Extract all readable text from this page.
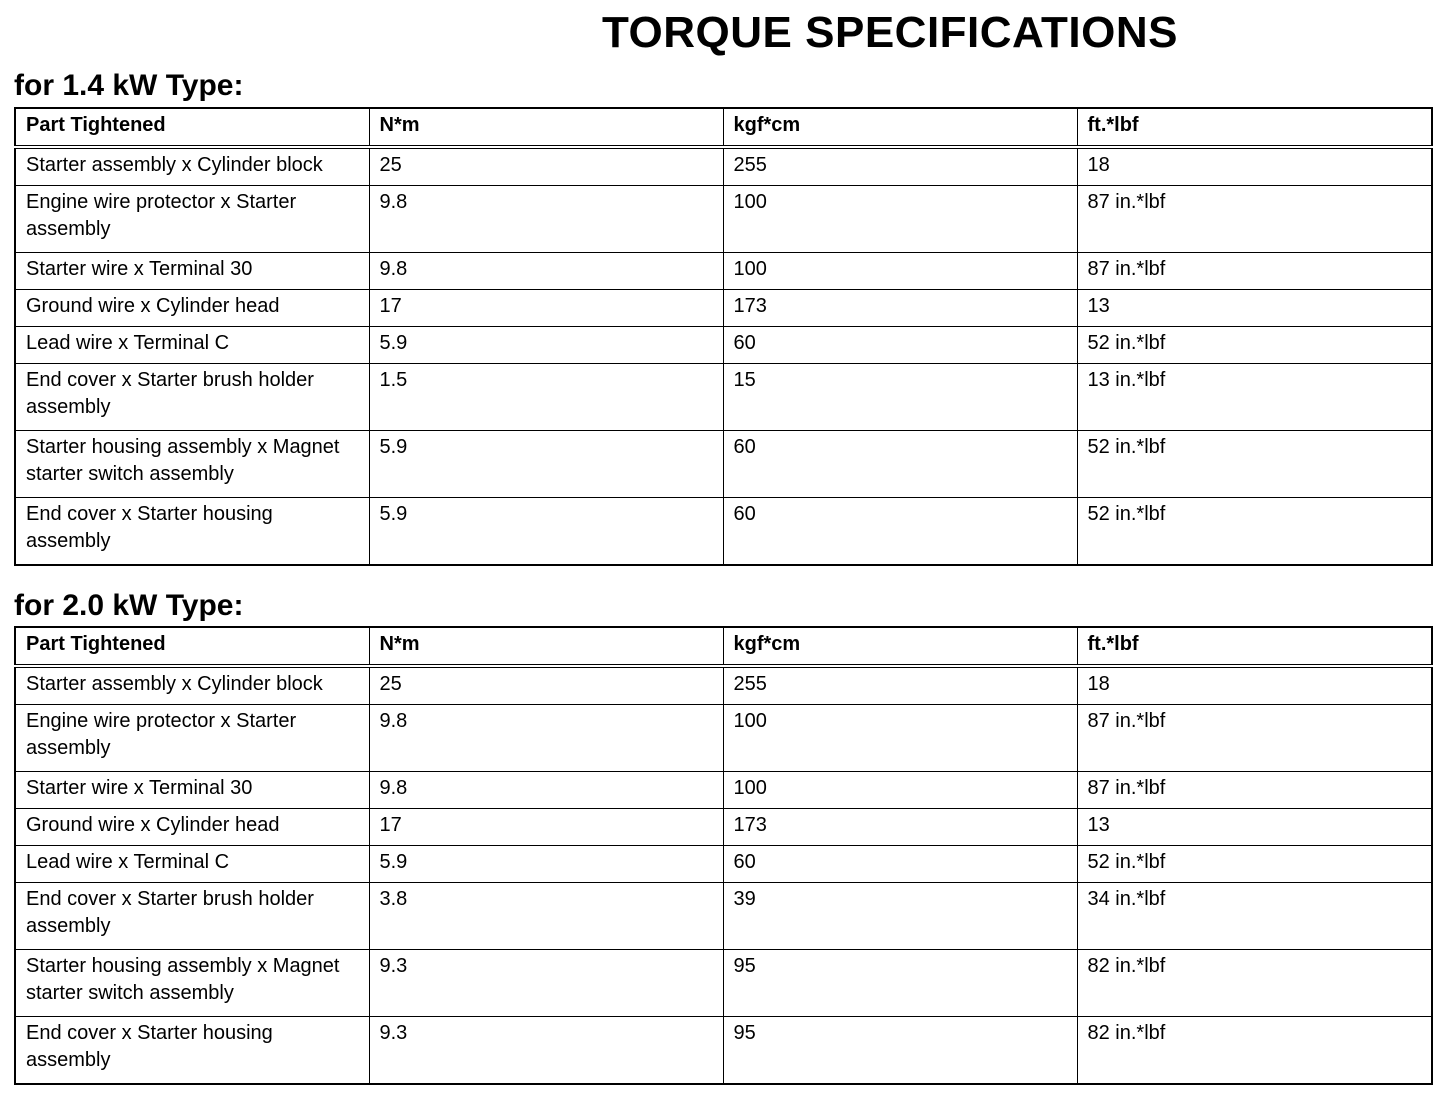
TORQUE SPECIFICATIONS
for 1.4 kW Type:
Part Tightened	N*m	kgf*cm	ft.*lbf
Starter assembly x Cylinder block	25	255	18
Engine wire protector x Starter assembly	9.8	100	87 in.*lbf
Starter wire x Terminal 30	9.8	100	87 in.*lbf
Ground wire x Cylinder head	17	173	13
Lead wire x Terminal C	5.9	60	52 in.*lbf
End cover x Starter brush holder assembly	1.5	15	13 in.*lbf
Starter housing assembly x Magnet starter switch assembly	5.9	60	52 in.*lbf
End cover x Starter housing assembly	5.9	60	52 in.*lbf
for 2.0 kW Type:
Part Tightened	N*m	kgf*cm	ft.*lbf
Starter assembly x Cylinder block	25	255	18
Engine wire protector x Starter assembly	9.8	100	87 in.*lbf
Starter wire x Terminal 30	9.8	100	87 in.*lbf
Ground wire x Cylinder head	17	173	13
Lead wire x Terminal C	5.9	60	52 in.*lbf
End cover x Starter brush holder assembly	3.8	39	34 in.*lbf
Starter housing assembly x Magnet starter switch assembly	9.3	95	82 in.*lbf
End cover x Starter housing assembly	9.3	95	82 in.*lbf
